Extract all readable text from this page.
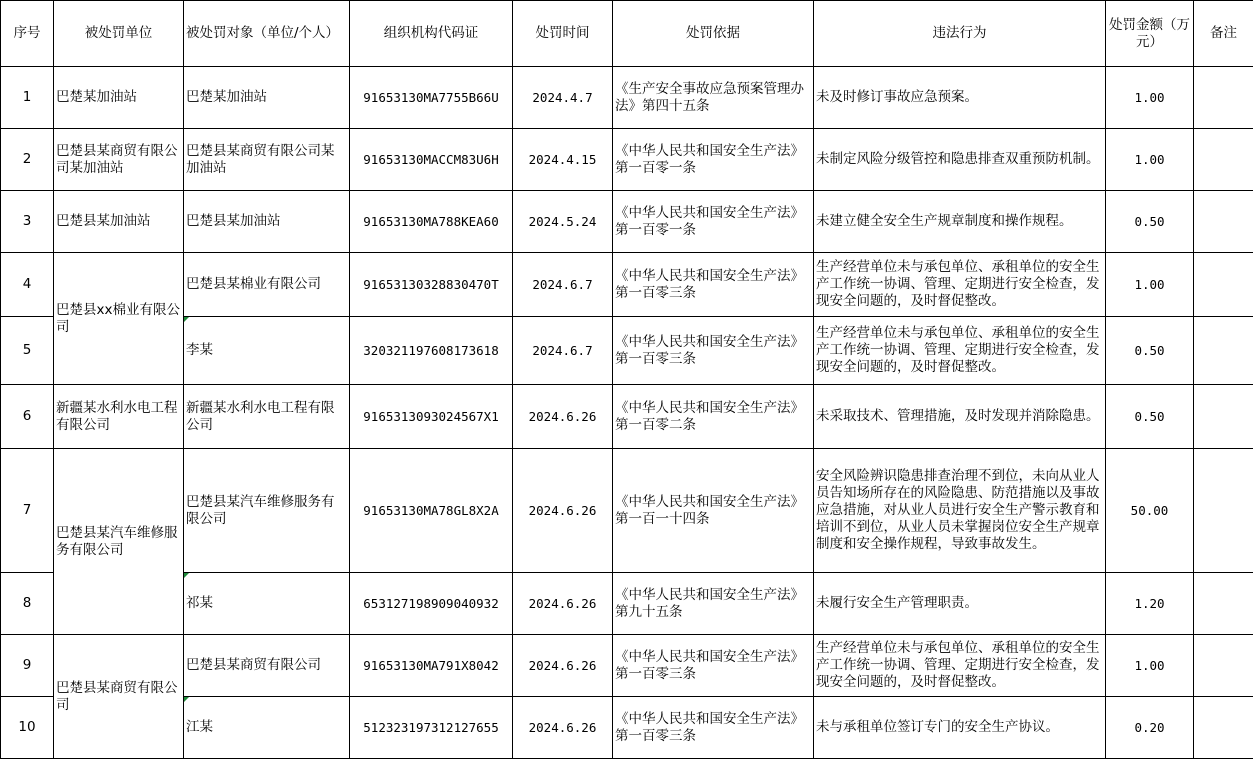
序号	被处罚单位	被处罚对象（单位/个人）	组织机构代码证	处罚时间	处罚依据	违法行为	处罚金额（万元）	备注
1	巴楚某加油站	巴楚某加油站	91653130MA7755B66U	2024.4.7	《生产安全事故应急预案管理办法》第四十五条	未及时修订事故应急预案。	1.00	
2	巴楚县某商贸有限公司某加油站	巴楚县某商贸有限公司某加油站	91653130MACCM83U6H	2024.4.15	《中华人民共和国安全生产法》第一百零一条	未制定风险分级管控和隐患排查双重预防机制。	1.00	
3	巴楚县某加油站	巴楚县某加油站	91653130MA788KEA60	2024.5.24	《中华人民共和国安全生产法》第一百零一条	未建立健全安全生产规章制度和操作规程。	0.50	
4	巴楚县xx棉业有限公司	巴楚县某棉业有限公司	91653130328830470T	2024.6.7	《中华人民共和国安全生产法》第一百零三条	生产经营单位未与承包单位、承租单位的安全生产工作统一协调、管理、定期进行安全检查，发现安全问题的，及时督促整改。	1.00	
5		李某	320321197608173618	2024.6.7	《中华人民共和国安全生产法》第一百零三条	生产经营单位未与承包单位、承租单位的安全生产工作统一协调、管理、定期进行安全检查，发现安全问题的，及时督促整改。	0.50	
6	新疆某水利水电工程有限公司	新疆某水利水电工程有限公司	9165313093024567X1	2024.6.26	《中华人民共和国安全生产法》第一百零二条	未采取技术、管理措施，及时发现并消除隐患。	0.50	
7	巴楚县某汽车维修服务有限公司	巴楚县某汽车维修服务有限公司	91653130MA78GL8X2A	2024.6.26	《中华人民共和国安全生产法》第一百一十四条	安全风险辨识隐患排查治理不到位，未向从业人员告知场所存在的风险隐患、防范措施以及事故应急措施，对从业人员进行安全生产警示教育和培训不到位，从业人员未掌握岗位安全生产规章制度和安全操作规程，导致事故发生。	50.00	
8		祁某	653127198909040932	2024.6.26	《中华人民共和国安全生产法》第九十五条	未履行安全生产管理职责。	1.20	
9	巴楚县某商贸有限公司	巴楚县某商贸有限公司	91653130MA791X8042	2024.6.26	《中华人民共和国安全生产法》第一百零三条	生产经营单位未与承包单位、承租单位的安全生产工作统一协调、管理、定期进行安全检查，发现安全问题的，及时督促整改。	1.00	
10		江某	512323197312127655	2024.6.26	《中华人民共和国安全生产法》第一百零三条	未与承租单位签订专门的安全生产协议。	0.20	
